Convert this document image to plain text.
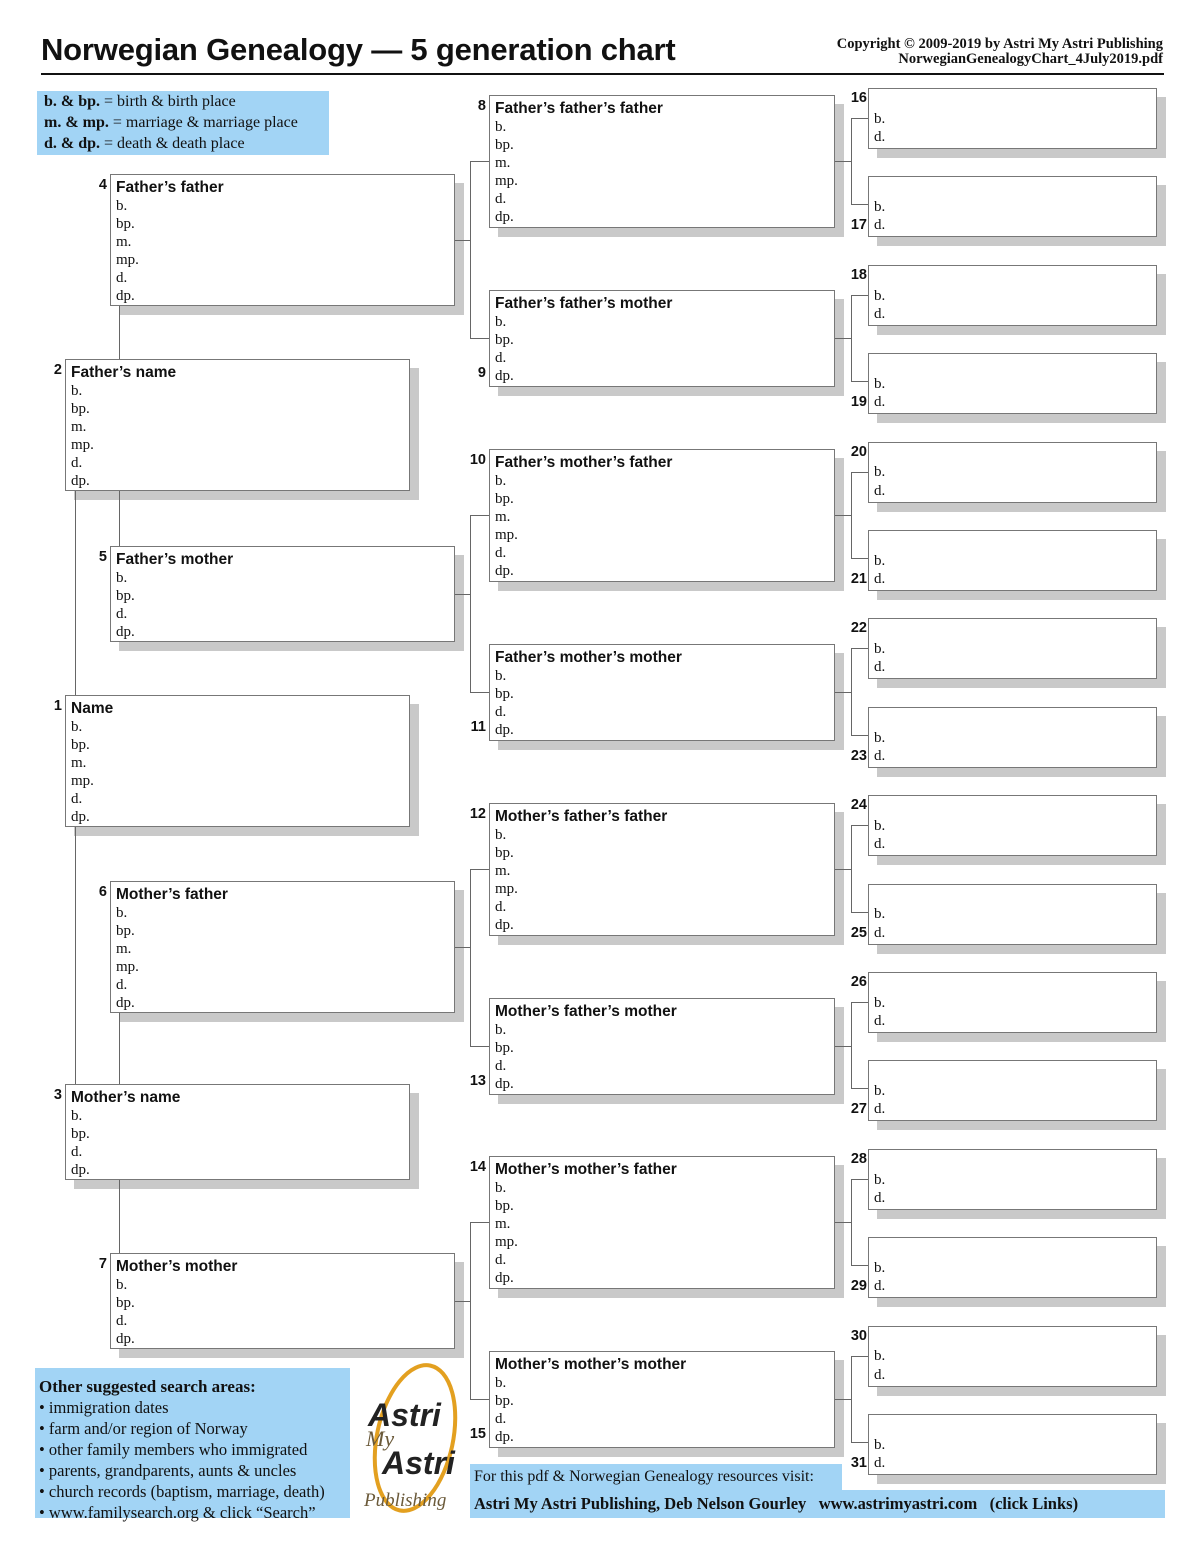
Norwegian Genealogy — 5 generation chart	Copyright © 2009-2019 by Astri My Astri Publishing
NorwegianGenealogyChart_4July2019.pdf
b. & bp. = birth & birth place
m. & mp. = marriage & marriage place
d. & dp. = death & death place
Father’s name
b.
bp.
m.
mp.
d.
dp.
2
Name
b.
bp.
m.
mp.
d.
dp.
1
Mother’s name
b.
bp.
d.
dp.
3
Father’s father
b.
bp.
m.
mp.
d.
dp.
4
Father’s mother
b.
bp.
d.
dp.
5
Mother’s father
b.
bp.
m.
mp.
d.
dp.
6
Mother’s mother
b.
bp.
d.
dp.
7
Father’s father’s father
b.
bp.
m.
mp.
d.
dp.
8
Father’s father’s mother
b.
bp.
d.
dp.
9
Father’s mother’s father
b.
bp.
m.
mp.
d.
dp.
10
Father’s mother’s mother
b.
bp.
d.
dp.
11
Mother’s father’s father
b.
bp.
m.
mp.
d.
dp.
12
Mother’s father’s mother
b.
bp.
d.
dp.
13
Mother’s mother’s father
b.
bp.
m.
mp.
d.
dp.
14
Mother’s mother’s mother
b.
bp.
d.
dp.
15
b.
d.
16
b.
d.
17
b.
d.
18
b.
d.
19
b.
d.
20
b.
d.
21
b.
d.
22
b.
d.
23
b.
d.
24
b.
d.
25
b.
d.
26
b.
d.
27
b.
d.
28
b.
d.
29
b.
d.
30
b.
d.
31
Other suggested search areas:
• immigration dates
• farm and/or region of Norway
• other family members who immigrated
• parents, grandparents, aunts & uncles
• church records (baptism, marriage, death)
• www.familysearch.org & click “Search”
Astri
My
Astri
Publishing
For this pdf & Norwegian Genealogy resources visit:
Astri My Astri Publishing, Deb Nelson Gourley www.astrimyastri.com (click Links)
